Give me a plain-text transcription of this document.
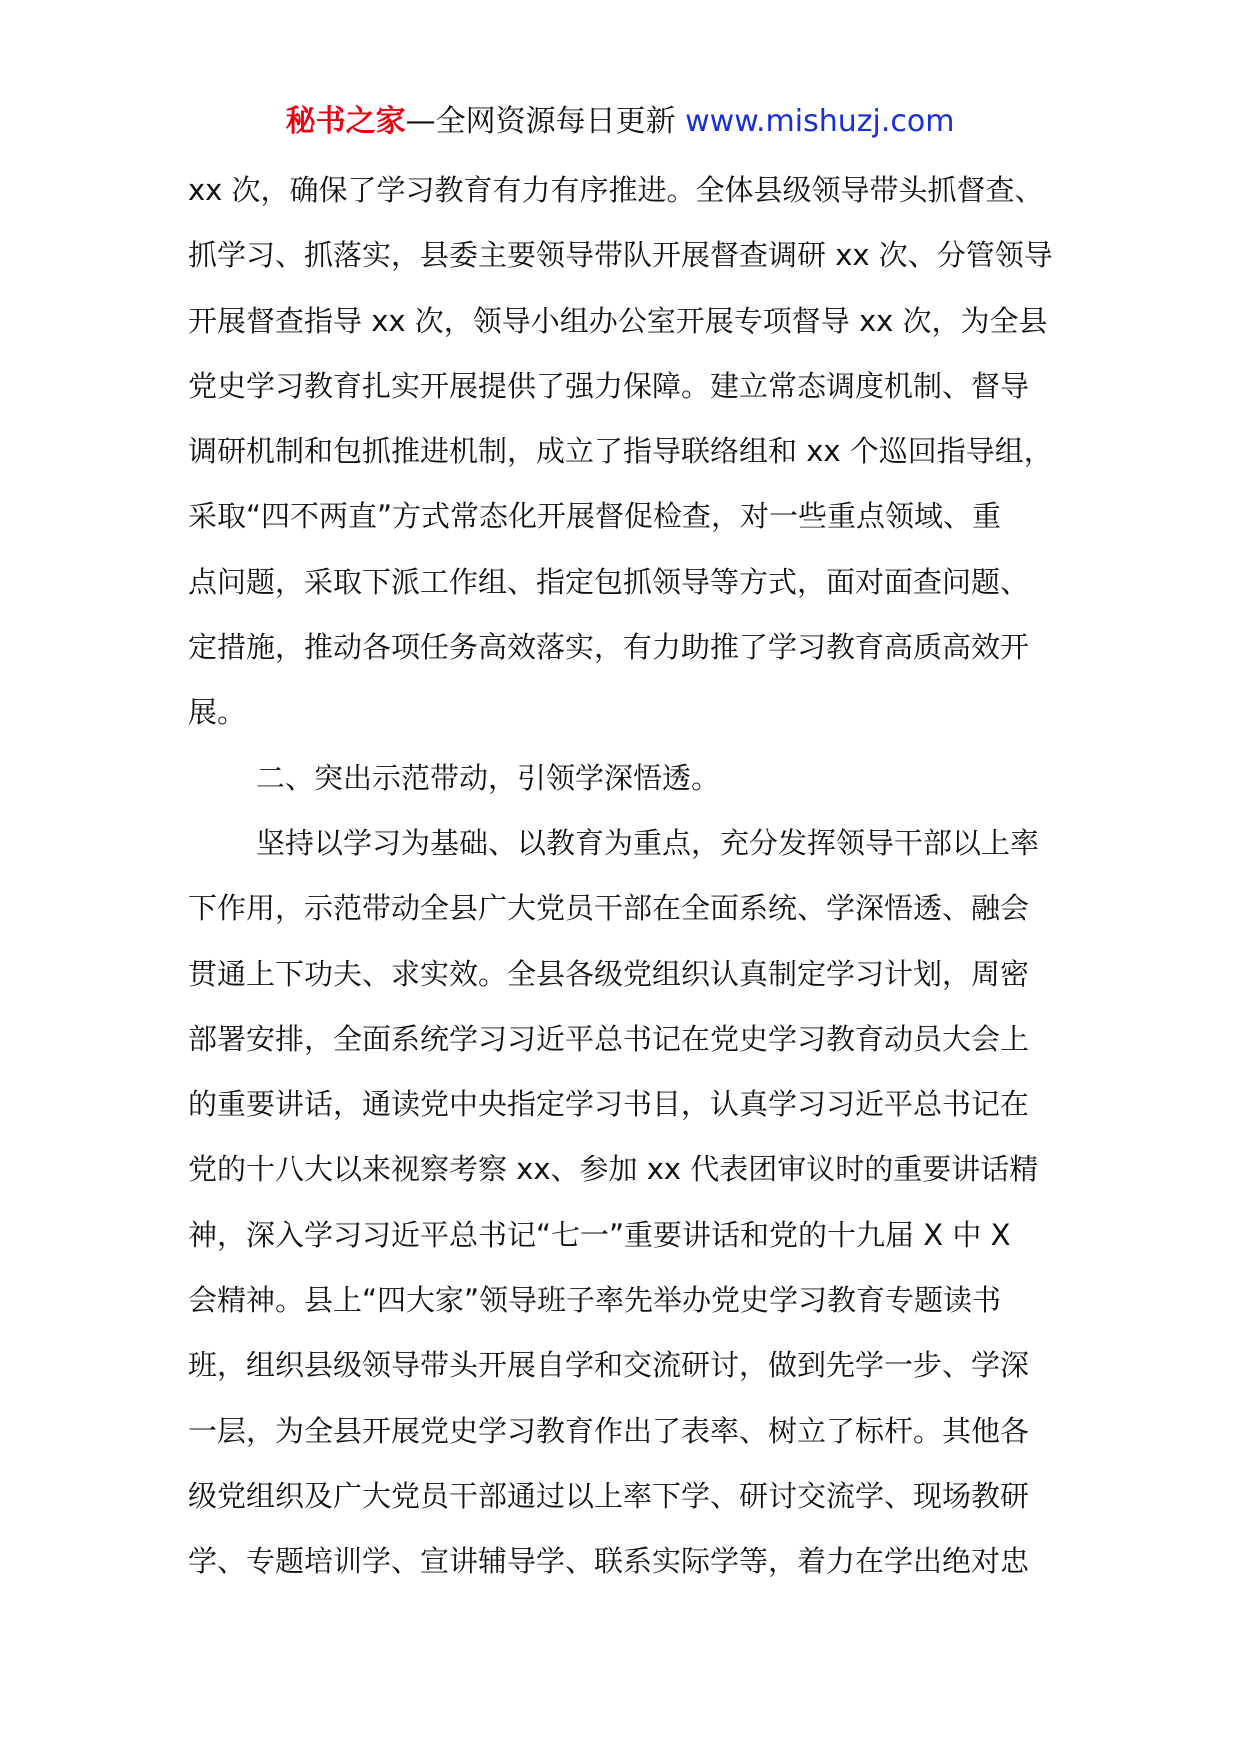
秘书之家—全网资源每日更新 www.mishuzj.com
xx 次，确保了学习教育有力有序推进。全体县级领导带头抓督查、
抓学习、抓落实，县委主要领导带队开展督查调研 xx 次、分管领导
开展督查指导 xx 次，领导小组办公室开展专项督导 xx 次，为全县
党史学习教育扎实开展提供了强力保障。建立常态调度机制、督导
调研机制和包抓推进机制，成立了指导联络组和 xx 个巡回指导组，
采取“四不两直”方式常态化开展督促检查，对一些重点领域、重
点问题，采取下派工作组、指定包抓领导等方式，面对面查问题、
定措施，推动各项任务高效落实，有力助推了学习教育高质高效开
展。
二、突出示范带动，引领学深悟透。
坚持以学习为基础、以教育为重点，充分发挥领导干部以上率
下作用，示范带动全县广大党员干部在全面系统、学深悟透、融会
贯通上下功夫、求实效。全县各级党组织认真制定学习计划，周密
部署安排，全面系统学习习近平总书记在党史学习教育动员大会上
的重要讲话，通读党中央指定学习书目，认真学习习近平总书记在
党的十八大以来视察考察 xx、参加 xx 代表团审议时的重要讲话精
神，深入学习习近平总书记“七一”重要讲话和党的十九届 X 中 X
会精神。县上“四大家”领导班子率先举办党史学习教育专题读书
班，组织县级领导带头开展自学和交流研讨，做到先学一步、学深
一层，为全县开展党史学习教育作出了表率、树立了标杆。其他各
级党组织及广大党员干部通过以上率下学、研讨交流学、现场教研
学、专题培训学、宣讲辅导学、联系实际学等，着力在学出绝对忠
